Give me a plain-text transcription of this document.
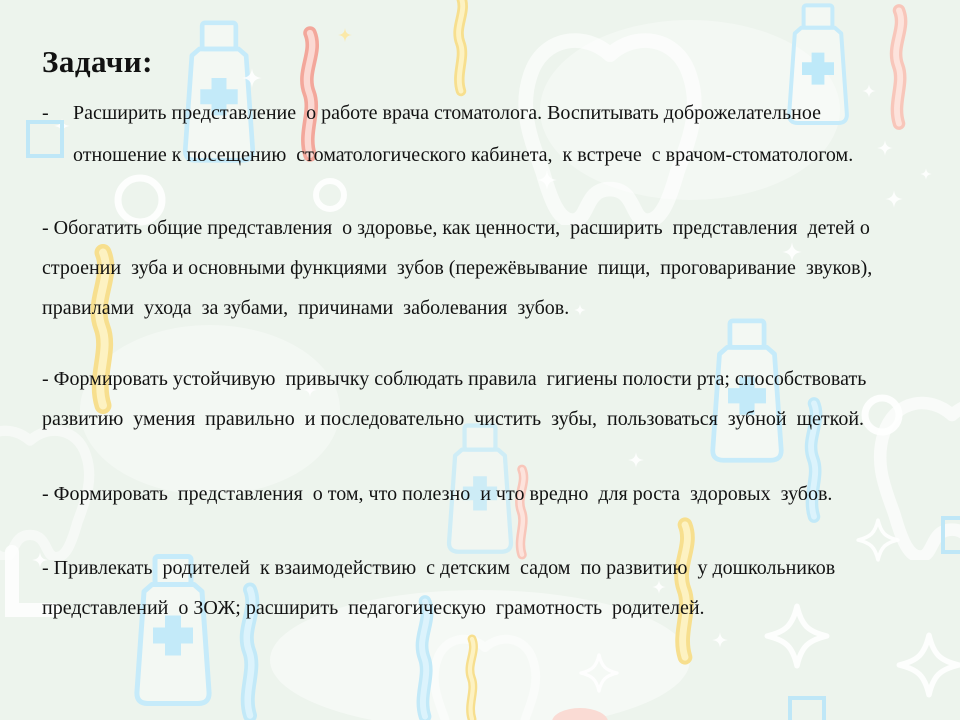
Задачи:
- Расширить представление  о работе врача стоматолога. Воспитывать доброжелательное
отношение к посещению  стоматологического кабинета,  к встрече  с врачом-стоматологом.
- Обогатить общие представления  о здоровье, как ценности,  расширить  представления  детей о
строении  зуба и основными функциями  зубов (пережёвывание  пищи,  проговаривание  звуков),
правилами  ухода  за зубами,  причинами  заболевания  зубов.
- Формировать устойчивую  привычку соблюдать правила  гигиены полости рта; способствовать
развитию  умения  правильно  и последовательно  чистить  зубы,  пользоваться  зубной  щеткой.
- Формировать  представления  о том, что полезно  и что вредно  для роста  здоровых  зубов.
- Привлекать  родителей  к взаимодействию  с детским  садом  по развитию  у дошкольников
представлений  о ЗОЖ; расширить  педагогическую  грамотность  родителей.
